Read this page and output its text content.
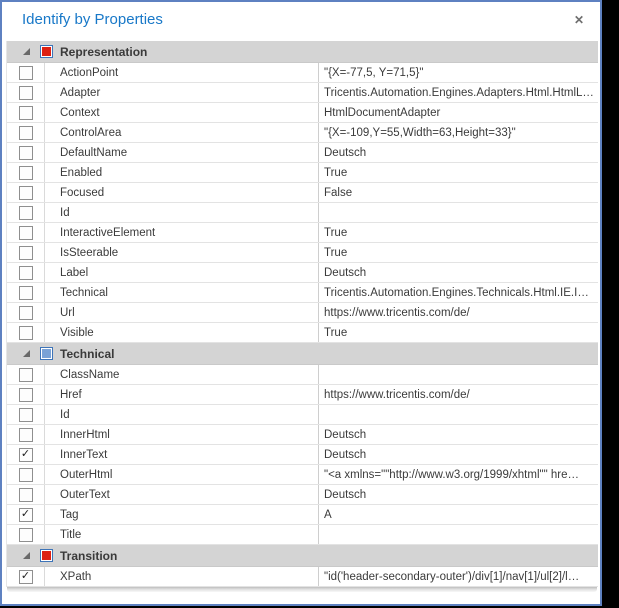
Identify by Properties	✕
Representation
ActionPoint	"{X=-77,5, Y=71,5}"
Adapter	Tricentis.Automation.Engines.Adapters.Html.HtmlL…
Context	HtmlDocumentAdapter
ControlArea	"{X=-109,Y=55,Width=63,Height=33}"
DefaultName	Deutsch
Enabled	True
Focused	False
Id
InteractiveElement	True
IsSteerable	True
Label	Deutsch
Technical	Tricentis.Automation.Engines.Technicals.Html.IE.I…
Url	https://www.tricentis.com/de/
Visible	True
Technical
ClassName
Href	https://www.tricentis.com/de/
Id
InnerHtml	Deutsch
✓	InnerText	Deutsch
OuterHtml	"<a xmlns=""http://www.w3.org/1999/xhtml"" hre…
OuterText	Deutsch
✓	Tag	A
Title
Transition
✓	XPath	"id('header-secondary-outer')/div[1]/nav[1]/ul[2]/l…
